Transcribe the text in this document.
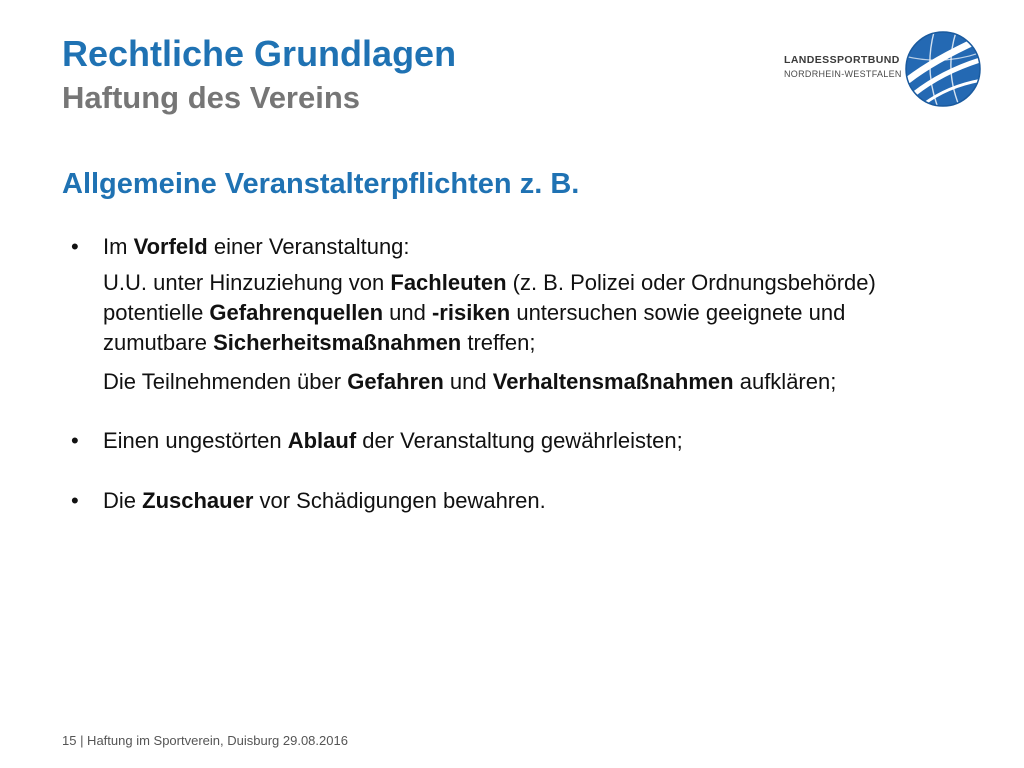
Rechtliche Grundlagen
Haftung des Vereins
LANDESSPORTBUND
NORDRHEIN-WESTFALEN
Allgemeine Veranstalterpflichten z. B.
• Im Vorfeld einer Veranstaltung:

U.U. unter Hinzuziehung von Fachleuten (z. B. Polizei oder Ordnungsbehörde) potentielle Gefahrenquellen und -risiken untersuchen sowie geeignete und zumutbare Sicherheitsmaßnahmen treffen;

Die Teilnehmenden über Gefahren und Verhaltensmaßnahmen aufklären;

• Einen ungestörten Ablauf der Veranstaltung gewährleisten;
• Die Zuschauer vor Schädigungen bewahren.
15 | Haftung im Sportverein, Duisburg 29.08.2016
